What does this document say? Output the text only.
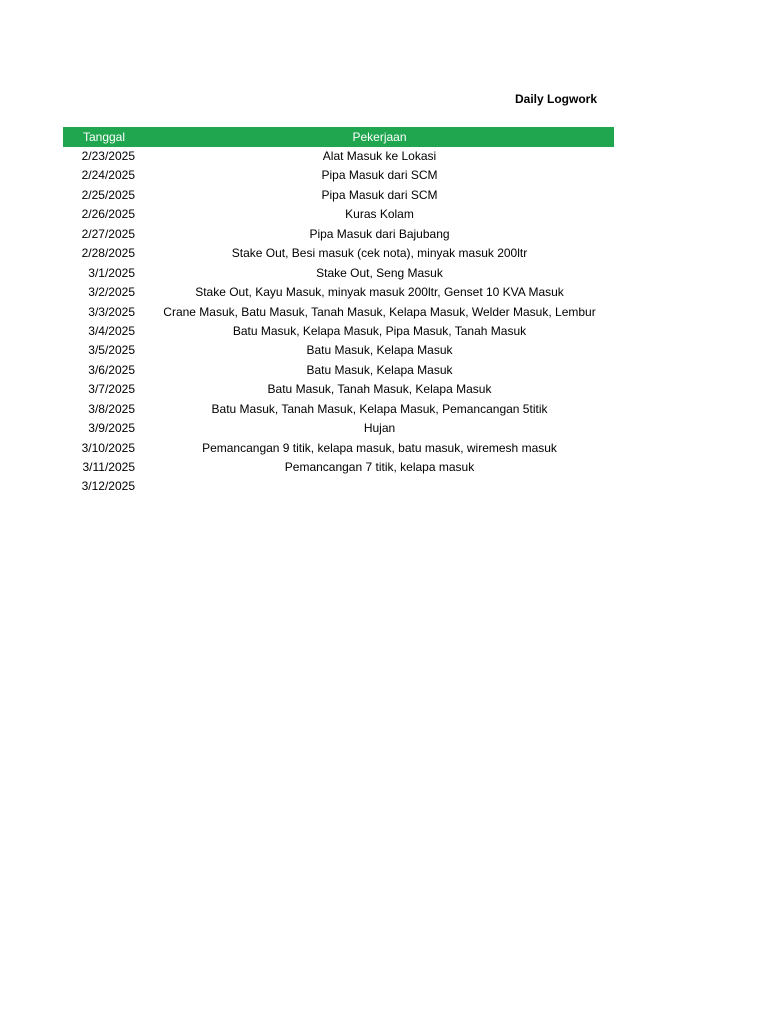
Daily Logwork
Tanggal	Pekerjaan
2/23/2025	Alat Masuk ke Lokasi
2/24/2025	Pipa Masuk dari SCM
2/25/2025	Pipa Masuk dari SCM
2/26/2025	Kuras Kolam
2/27/2025	Pipa Masuk dari Bajubang
2/28/2025	Stake Out, Besi masuk (cek nota), minyak masuk 200ltr
3/1/2025	Stake Out, Seng Masuk
3/2/2025	Stake Out, Kayu Masuk, minyak masuk 200ltr, Genset 10 KVA Masuk
3/3/2025	Crane Masuk, Batu Masuk, Tanah Masuk, Kelapa Masuk, Welder Masuk, Lembur
3/4/2025	Batu Masuk, Kelapa Masuk, Pipa Masuk, Tanah Masuk
3/5/2025	Batu Masuk, Kelapa Masuk
3/6/2025	Batu Masuk, Kelapa Masuk
3/7/2025	Batu Masuk, Tanah Masuk, Kelapa Masuk
3/8/2025	Batu Masuk, Tanah Masuk, Kelapa Masuk, Pemancangan 5titik
3/9/2025	Hujan
3/10/2025	Pemancangan 9 titik, kelapa masuk, batu masuk, wiremesh masuk
3/11/2025	Pemancangan 7 titik, kelapa masuk
3/12/2025
